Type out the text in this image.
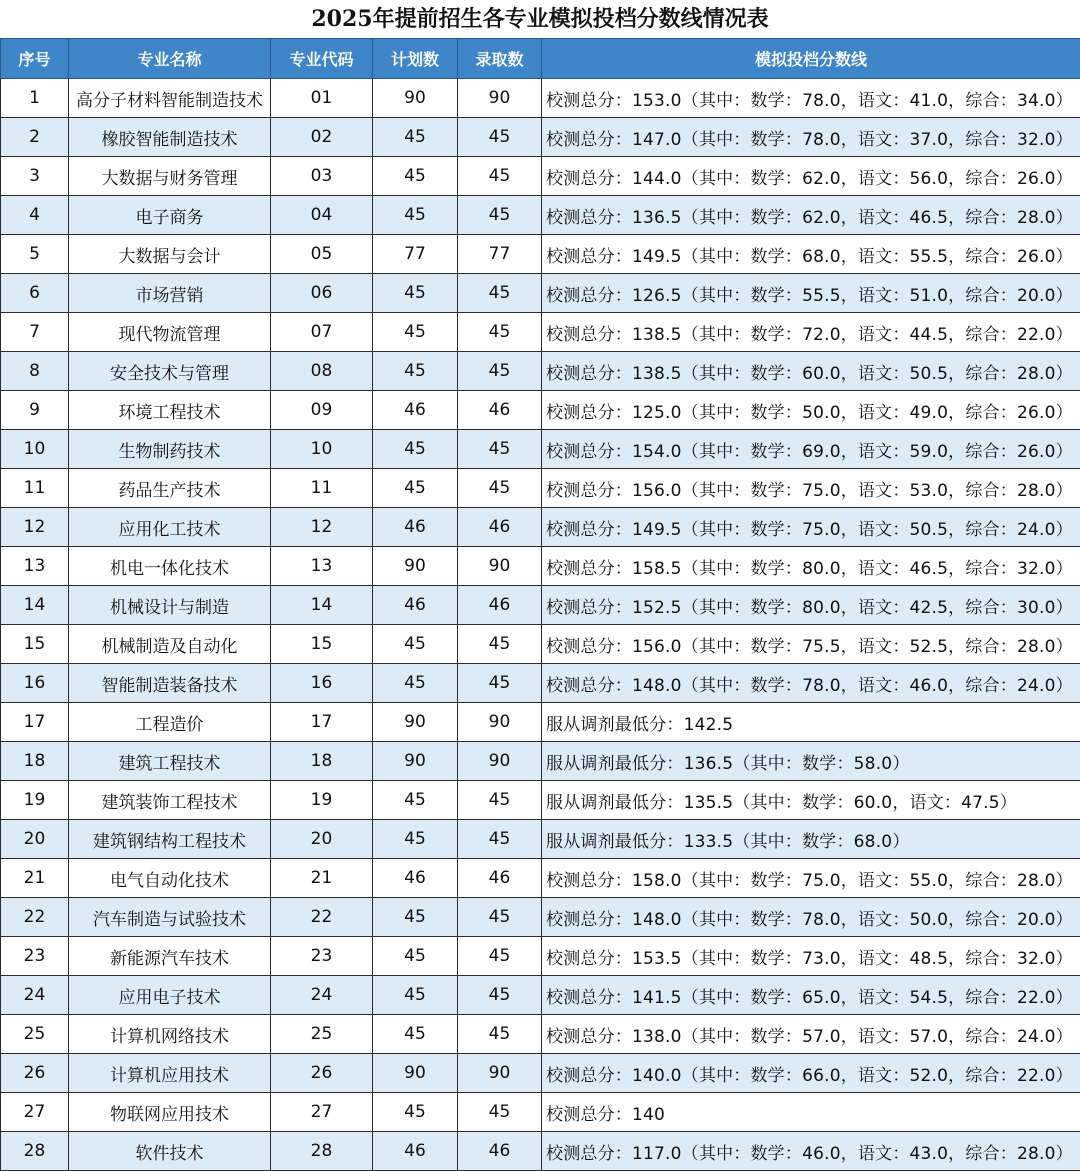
2025年提前招生各专业模拟投档分数线情况表
序号	专业名称	专业代码	计划数	录取数	模拟投档分数线
1	高分子材料智能制造技术	01	90	90	校测总分：153.0（其中：数学：78.0，语文：41.0，综合：34.0）
2	橡胶智能制造技术	02	45	45	校测总分：147.0（其中：数学：78.0，语文：37.0，综合：32.0）
3	大数据与财务管理	03	45	45	校测总分：144.0（其中：数学：62.0，语文：56.0，综合：26.0）
4	电子商务	04	45	45	校测总分：136.5（其中：数学：62.0，语文：46.5，综合：28.0）
5	大数据与会计	05	77	77	校测总分：149.5（其中：数学：68.0，语文：55.5，综合：26.0）
6	市场营销	06	45	45	校测总分：126.5（其中：数学：55.5，语文：51.0，综合：20.0）
7	现代物流管理	07	45	45	校测总分：138.5（其中：数学：72.0，语文：44.5，综合：22.0）
8	安全技术与管理	08	45	45	校测总分：138.5（其中：数学：60.0，语文：50.5，综合：28.0）
9	环境工程技术	09	46	46	校测总分：125.0（其中：数学：50.0，语文：49.0，综合：26.0）
10	生物制药技术	10	45	45	校测总分：154.0（其中：数学：69.0，语文：59.0，综合：26.0）
11	药品生产技术	11	45	45	校测总分：156.0（其中：数学：75.0，语文：53.0，综合：28.0）
12	应用化工技术	12	46	46	校测总分：149.5（其中：数学：75.0，语文：50.5，综合：24.0）
13	机电一体化技术	13	90	90	校测总分：158.5（其中：数学：80.0，语文：46.5，综合：32.0）
14	机械设计与制造	14	46	46	校测总分：152.5（其中：数学：80.0，语文：42.5，综合：30.0）
15	机械制造及自动化	15	45	45	校测总分：156.0（其中：数学：75.5，语文：52.5，综合：28.0）
16	智能制造装备技术	16	45	45	校测总分：148.0（其中：数学：78.0，语文：46.0，综合：24.0）
17	工程造价	17	90	90	服从调剂最低分：142.5
18	建筑工程技术	18	90	90	服从调剂最低分：136.5（其中：数学：58.0）
19	建筑装饰工程技术	19	45	45	服从调剂最低分：135.5（其中：数学：60.0，语文：47.5）
20	建筑钢结构工程技术	20	45	45	服从调剂最低分：133.5（其中：数学：68.0）
21	电气自动化技术	21	46	46	校测总分：158.0（其中：数学：75.0，语文：55.0，综合：28.0）
22	汽车制造与试验技术	22	45	45	校测总分：148.0（其中：数学：78.0，语文：50.0，综合：20.0）
23	新能源汽车技术	23	45	45	校测总分：153.5（其中：数学：73.0，语文：48.5，综合：32.0）
24	应用电子技术	24	45	45	校测总分：141.5（其中：数学：65.0，语文：54.5，综合：22.0）
25	计算机网络技术	25	45	45	校测总分：138.0（其中：数学：57.0，语文：57.0，综合：24.0）
26	计算机应用技术	26	90	90	校测总分：140.0（其中：数学：66.0，语文：52.0，综合：22.0）
27	物联网应用技术	27	45	45	校测总分：140
28	软件技术	28	46	46	校测总分：117.0（其中：数学：46.0，语文：43.0，综合：28.0）
